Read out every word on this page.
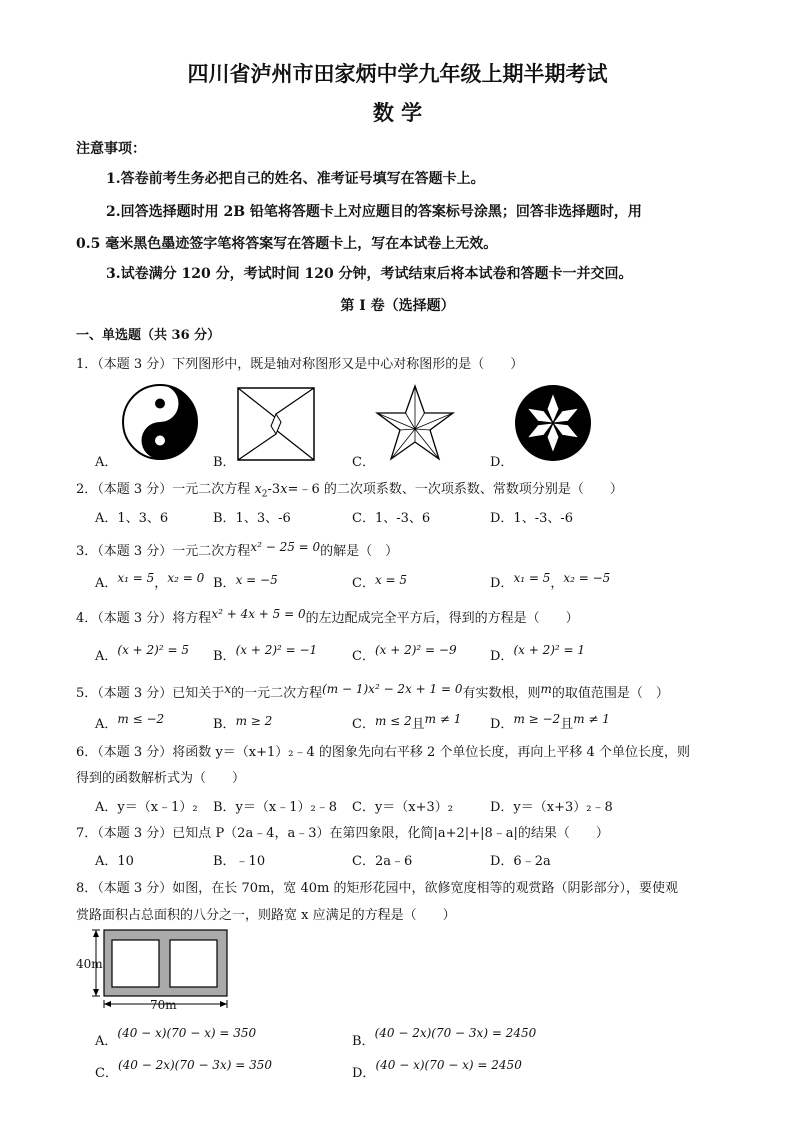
四川省泸州市田家炳中学九年级上期半期考试
数 学
注意事项：
1.答卷前考生务必把自己的姓名、准考证号填写在答题卡上。
2.回答选择题时用 2B 铅笔将答题卡上对应题目的答案标号涂黑；回答非选择题时，用
0.5 毫米黑色墨迹签字笔将答案写在答题卡上，写在本试卷上无效。
3.试卷满分 120 分，考试时间 120 分钟，考试结束后将本试卷和答题卡一并交回。
第 I 卷（选择题）
一、单选题（共 36 分）
1．（本题 3 分）下列图形中，既是轴对称图形又是中心对称图形的是（　　）
A．	B．	C．	D．
2．（本题 3 分）一元二次方程 $x_2-3x=﹣6$ 的二次项系数、一次项系数、常数项分别是（　　）
A．1、3、6	B．1、3、-6	C．1、-3、6	D．1、-3、-6
3．（本题 3 分）一元二次方程x² − 25 = 0的解是（　）
A．x₁ = 5，x₂ = 0 B．x = −5	C．x = 5	D．x₁ = 5，x₂ = −5
4．（本题 3 分）将方程x² + 4x + 5 = 0的左边配成完全平方后，得到的方程是（　　）
A．(x + 2)² = 5 B．(x + 2)² = −1	C．(x + 2)² = −9	D．(x + 2)² = 1
5．（本题 3 分）已知关于x的一元二次方程(m − 1)x² − 2x + 1 = 0有实数根，则m的取值范围是（　）
A．m ≤ −2	B．m ≥ 2	C．m ≤ 2且m ≠ 1 D．m ≥ −2且m ≠ 1
6．（本题 3 分）将函数 y＝（x+1）₂﹣4 的图象先向右平移 2 个单位长度，再向上平移 4 个单位长度，则
得到的函数解析式为（　　）
A．y＝（x﹣1）₂ B．y＝（x﹣1）₂﹣8 C．y＝（x+3）₂	D．y＝（x+3）₂﹣8
7．（本题 3 分）已知点 P（2a﹣4，a﹣3）在第四象限，化简|a+2|+|8﹣a|的结果（　　）
A．10	B．﹣10	C．2a﹣6	D．6﹣2a
8．（本题 3 分）如图，在长 70m，宽 40m 的矩形花园中，欲修宽度相等的观赏路（阴影部分），要使观
赏路面积占总面积的八分之一，则路宽 x 应满足的方程是（　　）
40m
70m
A．(40 − x)(70 − x) = 350
B．(40 − 2x)(70 − 3x) = 2450
C．(40 − 2x)(70 − 3x) = 350
D．(40 − x)(70 − x) = 2450
